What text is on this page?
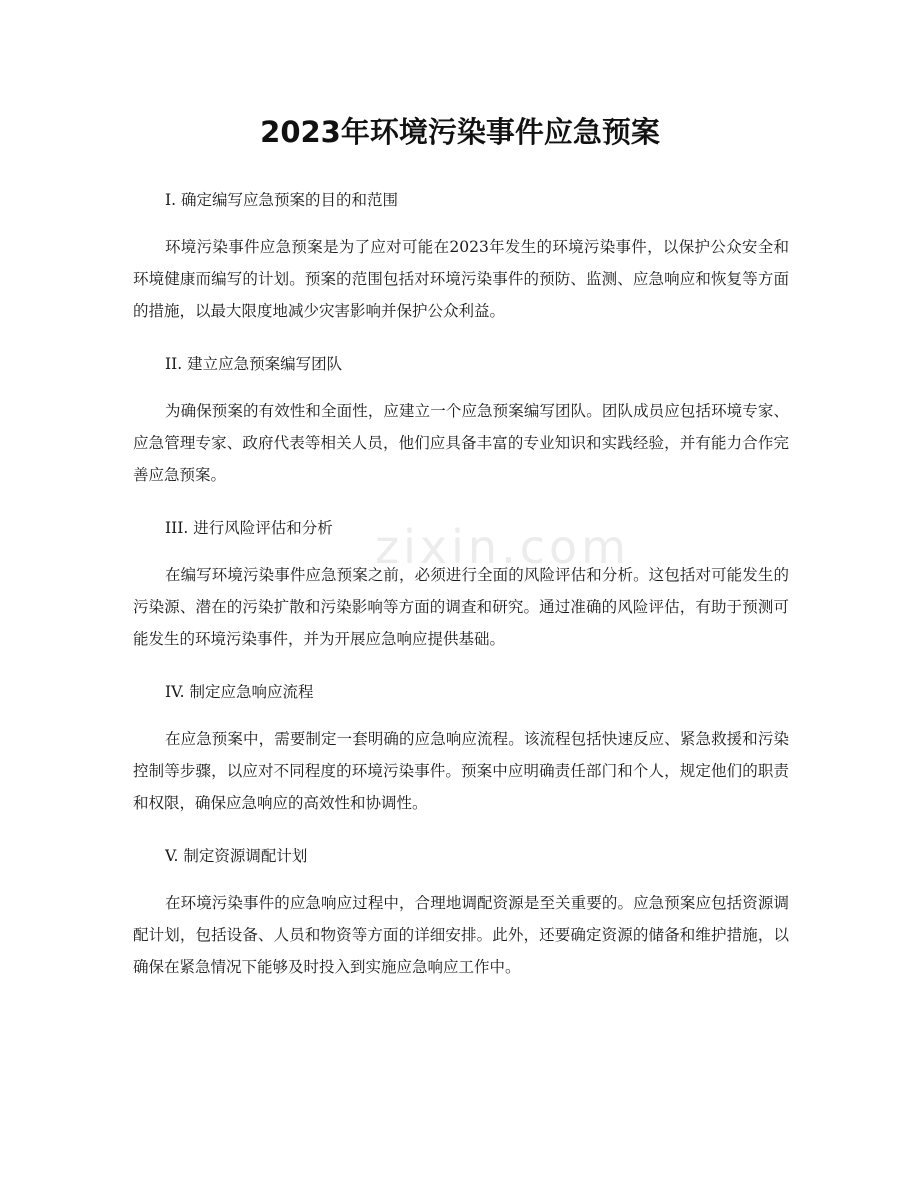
zixin.com
2023年环境污染事件应急预案

I. 确定编写应急预案的目的和范围

环境污染事件应急预案是为了应对可能在2023年发生的环境污染事件，以保护公众安全和环境健康而编写的计划。预案的范围包括对环境污染事件的预防、监测、应急响应和恢复等方面的措施，以最大限度地减少灾害影响并保护公众利益。

II. 建立应急预案编写团队

为确保预案的有效性和全面性，应建立一个应急预案编写团队。团队成员应包括环境专家、应急管理专家、政府代表等相关人员，他们应具备丰富的专业知识和实践经验，并有能力合作完善应急预案。

III. 进行风险评估和分析

在编写环境污染事件应急预案之前，必须进行全面的风险评估和分析。这包括对可能发生的污染源、潜在的污染扩散和污染影响等方面的调查和研究。通过准确的风险评估，有助于预测可能发生的环境污染事件，并为开展应急响应提供基础。

IV. 制定应急响应流程

在应急预案中，需要制定一套明确的应急响应流程。该流程包括快速反应、紧急救援和污染控制等步骤，以应对不同程度的环境污染事件。预案中应明确责任部门和个人，规定他们的职责和权限，确保应急响应的高效性和协调性。

V. 制定资源调配计划

在环境污染事件的应急响应过程中，合理地调配资源是至关重要的。应急预案应包括资源调配计划，包括设备、人员和物资等方面的详细安排。此外，还要确定资源的储备和维护措施，以确保在紧急情况下能够及时投入到实施应急响应工作中。
